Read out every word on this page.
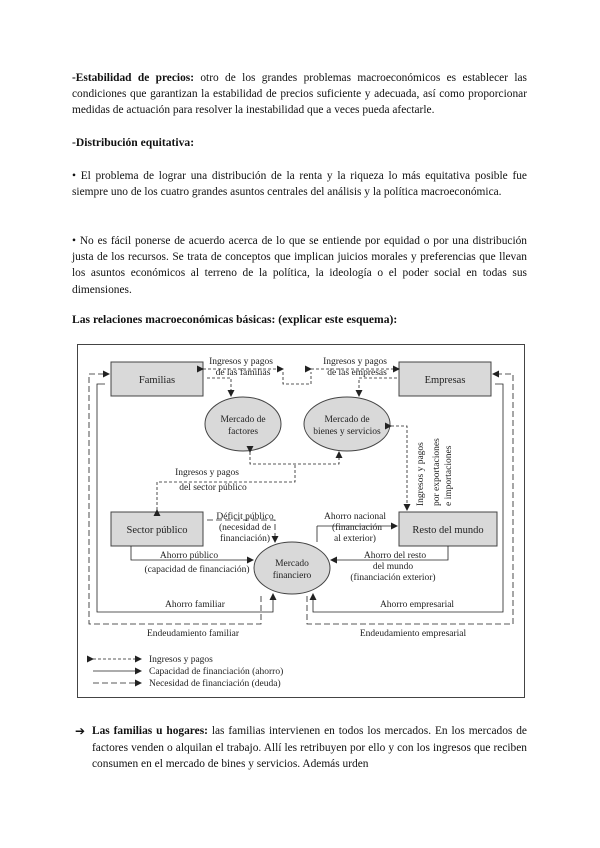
-Estabilidad de precios: otro de los grandes problemas macroeconómicos es establecer las condiciones que garantizan la estabilidad de precios suficiente y adecuada, así como proporcionar medidas de actuación para resolver la inestabilidad que a veces pueda afectarle.

-Distribución equitativa:

• El problema de lograr una distribución de la renta y la riqueza lo más equitativa posible fue siempre uno de los cuatro grandes asuntos centrales del análisis y la política macroeconómica.

• No es fácil ponerse de acuerdo acerca de lo que se entiende por equidad o por una distribución justa de los recursos. Se trata de conceptos que implican juicios morales y preferencias que llevan los asuntos económicos al terreno de la política, la ideología o el poder social en todas sus dimensiones.

Las relaciones macroeconómicas básicas: (explicar este esquema):

Familias	Empresas
Sector público	Resto del mundo
Mercado de
factores
Mercado de
bienes y servicios
Mercado
financiero
Ingresos y pagos
de las familias
Ingresos y pagos
de las empresas
Ingresos y pagos
del sector público	Ingresos y pagos por exportaciones e importaciones
Déficit público
(necesidad de
financiación)
Ahorro nacional
(financiación
al exterior)
Ahorro público
(capacidad de financiación)
Ahorro del resto
del mundo
(financiación exterior)
Ahorro familiar	Ahorro empresarial
Endeudamiento familiar	Endeudamiento empresarial
Ingresos y pagos
Capacidad de financiación (ahorro)
Necesidad de financiación (deuda)

➔ Las familias u hogares: las familias intervienen en todos los mercados. En los mercados de factores venden o alquilan el trabajo. Allí les retribuyen por ello y con los ingresos que reciben consumen en el mercado de bines y servicios. Además urden
